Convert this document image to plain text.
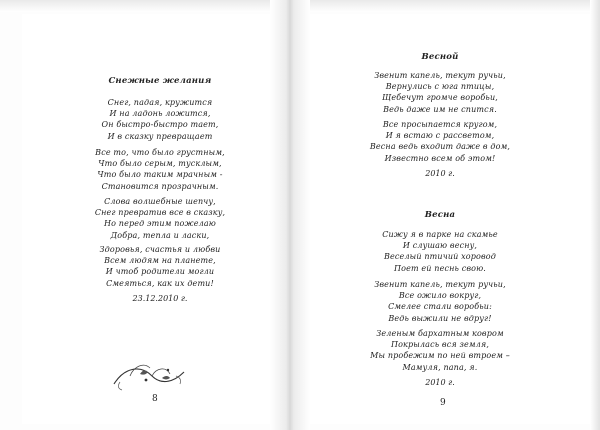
Снежные желания
Снег, падая, кружится
И на ладонь ложится,
Он быстро-быстро тает,
И в сказку превращает
Все то, что было грустным,
Что было серым, тусклым,
Что было таким мрачным -
Становится прозрачным.
Слова волшебные шепчу,
Снег превратив все в сказку,
Но перед этим пожелаю
Добра, тепла и ласки,
Здоровья, счастья и любви
Всем людям на планете,
И чтоб родители могли
Смеяться, как их дети!
23.12.2010 г.
8
Весной
Звенит капель, текут ручьи,
Вернулись с юга птицы,
Щебечут громче воробьи,
Ведь даже им не спится.
Все просыпается кругом,
И я встаю с рассветом,
Весна ведь входит даже в дом,
Известно всем об этом!
2010 г.
Весна
Сижу я в парке на скамье
И слушаю весну,
Веселый птичий хоровод
Поет ей песнь свою.
Звенит капель, текут ручьи,
Все ожило вокруг,
Смелее стали воробьи:
Ведь выжили не вдруг!
Зеленым бархатным ковром
Покрылась вся земля,
Мы пробежим по ней втроем –
Мамуля, папа, я.
2010 г.
9
